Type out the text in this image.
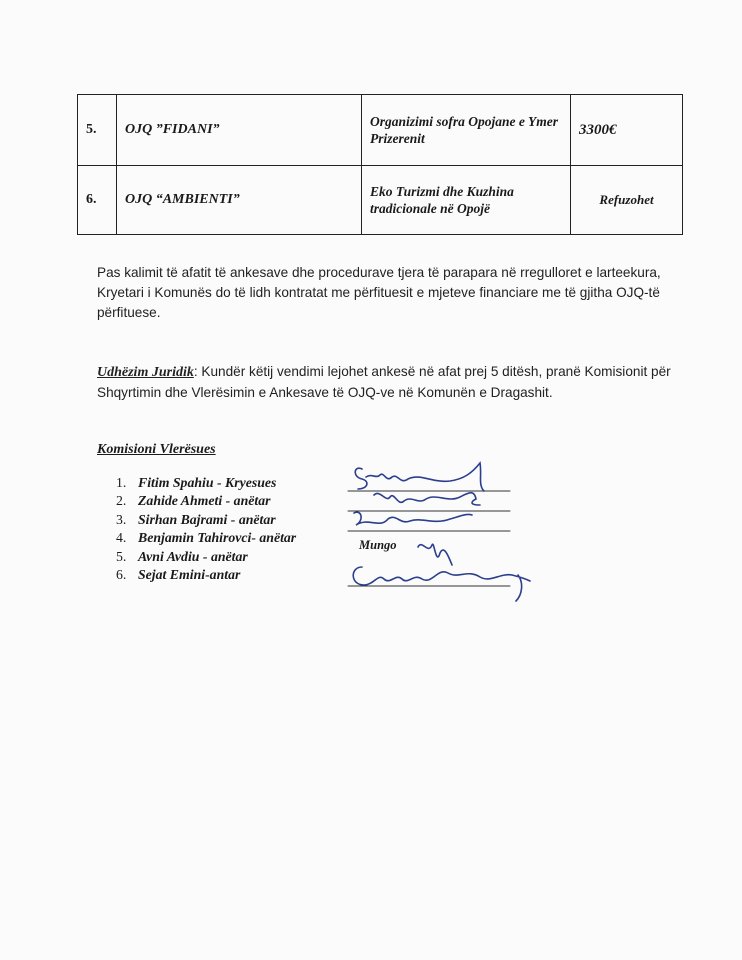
5.	OJQ ”FIDANI”	Organizimi sofra Opojane e Ymer Prizerenit	3300€
6.	OJQ “AMBIENTI”	Eko Turizmi dhe Kuzhina tradicionale në Opojë	Refuzohet
Pas kalimit të afatit të ankesave dhe procedurave tjera të parapara në rregulloret e larteekura, Kryetari i Komunës do të lidh kontratat me përfituesit e mjeteve financiare me të gjitha OJQ-të përfituese.
Udhëzim Juridik: Kundër këtij vendimi lejohet ankesë në afat prej 5 ditësh, pranë Komisionit për Shqyrtimin dhe Vlerësimin e Ankesave të OJQ-ve në Komunën e Dragashit.
Komisioni Vlerësues
1. Fitim Spahiu - Kryesues
2. Zahide Ahmeti - anëtar
3. Sirhan Bajrami - anëtar
4. Benjamin Tahirovci- anëtar
5. Avni Avdiu - anëtar
6. Sejat Emini-antar
Mungo
